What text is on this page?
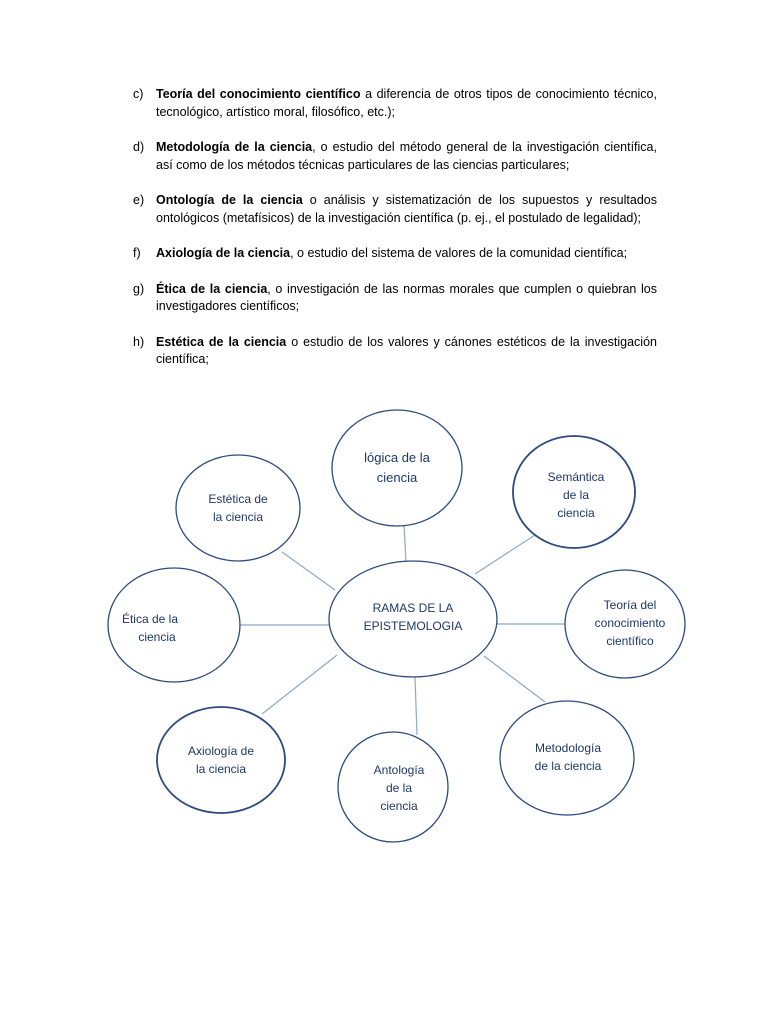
c) Teoría del conocimiento científico a diferencia de otros tipos de conocimiento técnico, tecnológico, artístico moral, filosófico, etc.);
d) Metodología de la ciencia, o estudio del método general de la investigación científica, así como de los métodos técnicas particulares de las ciencias particulares;
e) Ontología de la ciencia o análisis y sistematización de los supuestos y resultados ontológicos (metafísicos) de la investigación científica (p. ej., el postulado de legalidad);
f) Axiología de la ciencia, o estudio del sistema de valores de la comunidad científica;
g) Ética de la ciencia, o investigación de las normas morales que cumplen o quiebran los investigadores científicos;
h) Estética de la ciencia o estudio de los valores y cánones estéticos de la investigación científica;
RAMAS DE LA EPISTEMOLOGIA
lógica de la ciencia	Semántica de la ciencia
Teoría del conocimiento científico
Metodología de la ciencia
Antología de la ciencia
Axiología de la ciencia
Ética de la ciencia
Estética de la ciencia
